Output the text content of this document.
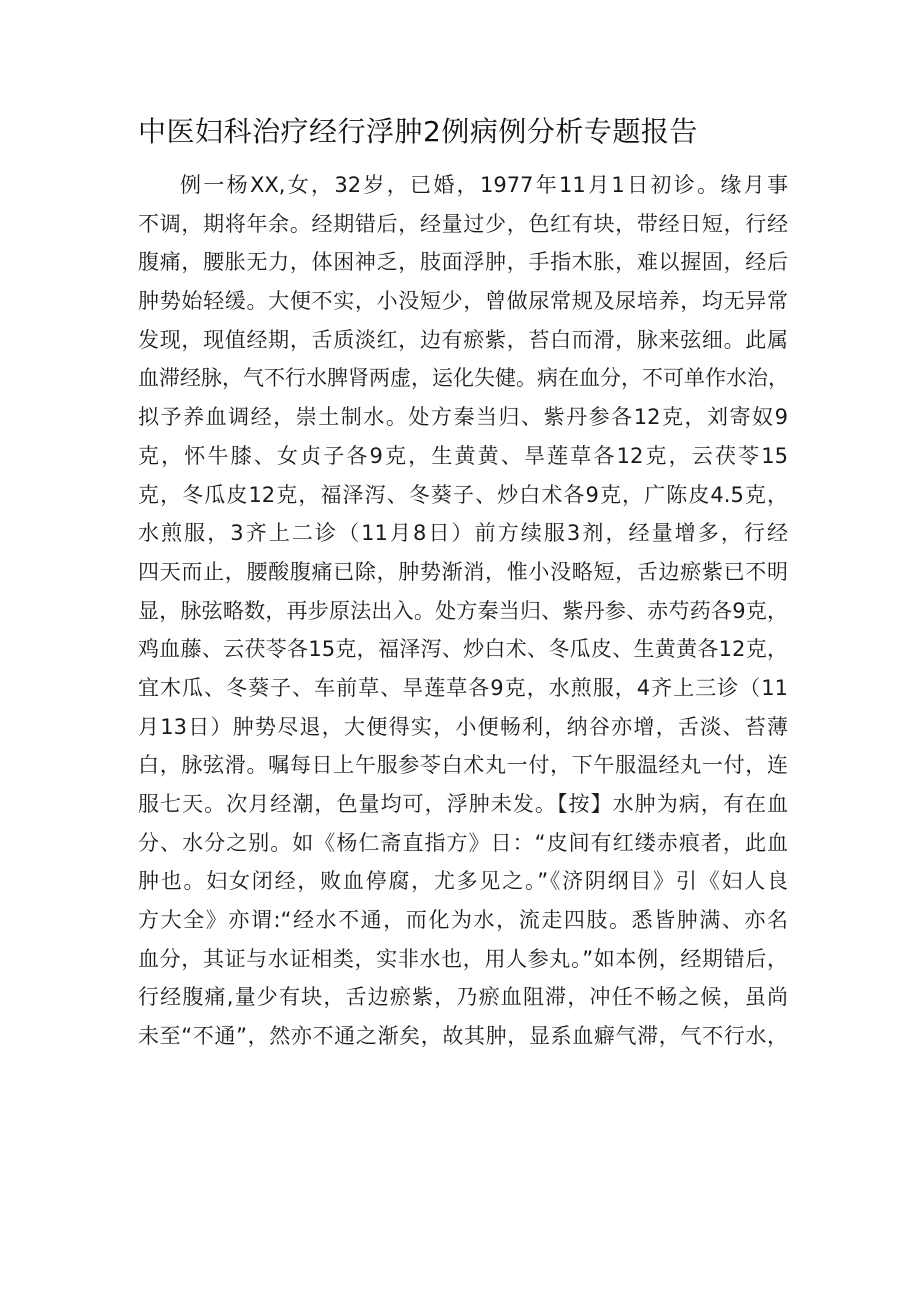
中医妇科治疗经行浮肿2例病例分析专题报告
例一杨XX,女，32岁，已婚，1977年11月1日初诊。缘月事
不调，期将年余。经期错后，经量过少，色红有块，带经日短，行经
腹痛，腰胀无力，体困神乏，肢面浮肿，手指木胀，难以握固，经后
肿势始轻缓。大便不实，小没短少，曾做尿常规及尿培养，均无异常
发现，现值经期，舌质淡红，边有瘀紫，苔白而滑，脉来弦细。此属
血滞经脉，气不行水脾肾两虚，运化失健。病在血分，不可单作水治，
拟予养血调经，崇土制水。处方秦当归、紫丹参各12克，刘寄奴9
克，怀牛膝、女贞子各9克，生黄黄、旱莲草各12克，云茯苓15
克，冬瓜皮12克，福泽泻、冬葵子、炒白术各9克，广陈皮4.5克，
水煎服，3齐上二诊（11月8日）前方续服3剂，经量增多，行经
四天而止，腰酸腹痛已除，肿势渐消，惟小没略短，舌边瘀紫已不明
显，脉弦略数，再步原法出入。处方秦当归、紫丹参、赤芍药各9克，
鸡血藤、云茯苓各15克，福泽泻、炒白术、冬瓜皮、生黄黄各12克，
宜木瓜、冬葵子、车前草、旱莲草各9克，水煎服，4齐上三诊（11
月13日）肿势尽退，大便得实，小便畅利，纳谷亦增，舌淡、苔薄
白，脉弦滑。嘱每日上午服参苓白术丸一付，下午服温经丸一付，连
服七天。次月经潮，色量均可，浮肿未发。【按】水肿为病，有在血
分、水分之别。如《杨仁斋直指方》日：“皮间有红缕赤痕者，此血
肿也。妇女闭经，败血停腐，尤多见之。”《济阴纲目》引《妇人良
方大全》亦谓:“经水不通，而化为水，流走四肢。悉皆肿满、亦名
血分，其证与水证相类，实非水也，用人参丸。”如本例，经期错后，
行经腹痛,量少有块，舌边瘀紫，乃瘀血阻滞，冲任不畅之候，虽尚
未至“不通”，然亦不通之渐矣，故其肿，显系血癖气滞，气不行水，
